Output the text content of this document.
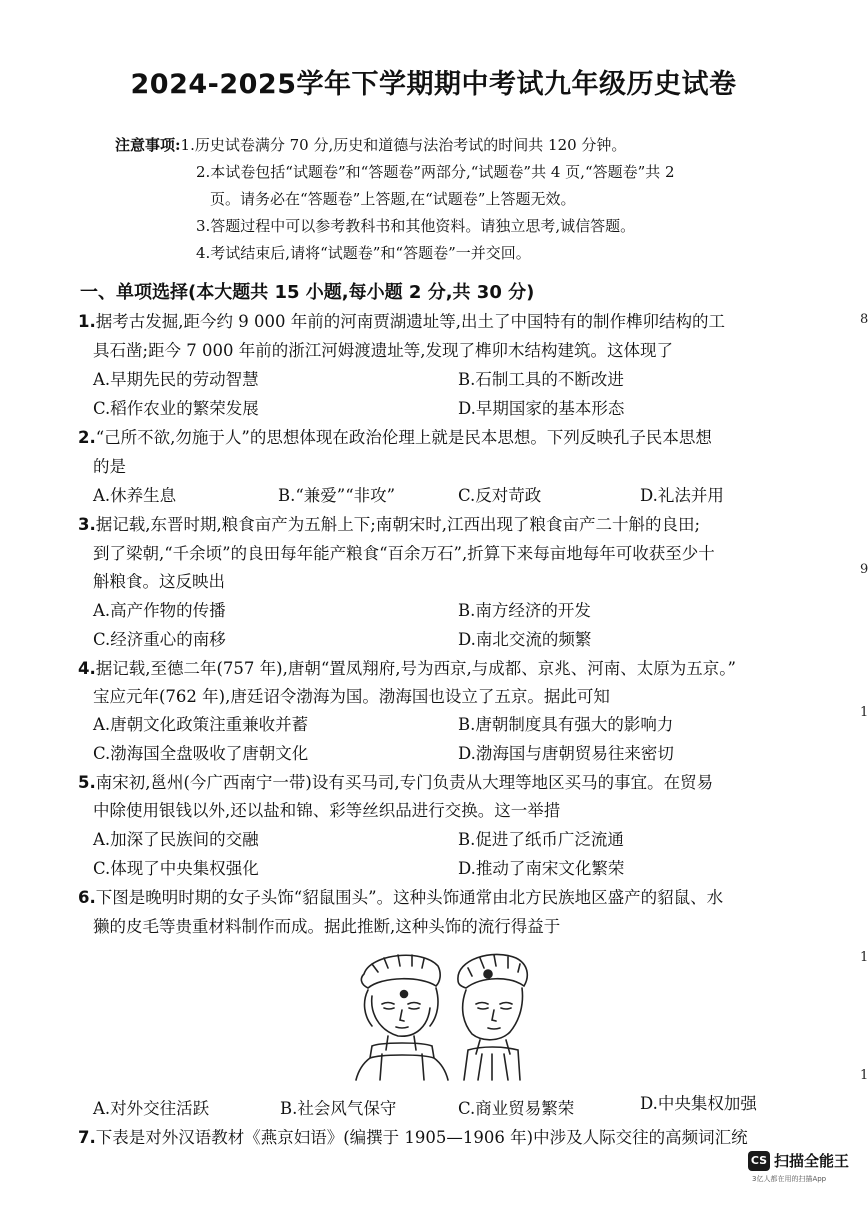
2024-2025学年下学期期中考试九年级历史试卷
注意事项:1.历史试卷满分 70 分,历史和道德与法治考试的时间共 120 分钟。
2.本试卷包括“试题卷”和“答题卷”两部分,“试题卷”共 4 页,“答题卷”共 2
页。请务必在“答题卷”上答题,在“试题卷”上答题无效。
3.答题过程中可以参考教科书和其他资料。请独立思考,诚信答题。
4.考试结束后,请将“试题卷”和“答题卷”一并交回。
一、单项选择(本大题共 15 小题,每小题 2 分,共 30 分)
1.据考古发掘,距今约 9 000 年前的河南贾湖遗址等,出土了中国特有的制作榫卯结构的工
具石凿;距今 7 000 年前的浙江河姆渡遗址等,发现了榫卯木结构建筑。这体现了
A.早期先民的劳动智慧	B.石制工具的不断改进
C.稻作农业的繁荣发展	D.早期国家的基本形态
2.“己所不欲,勿施于人”的思想体现在政治伦理上就是民本思想。下列反映孔子民本思想
的是
A.休养生息	B.“兼爱”“非攻”	C.反对苛政	D.礼法并用
3.据记载,东晋时期,粮食亩产为五斛上下;南朝宋时,江西出现了粮食亩产二十斛的良田;
到了梁朝,“千余顷”的良田每年能产粮食“百余万石”,折算下来每亩地每年可收获至少十
斛粮食。这反映出
A.高产作物的传播	B.南方经济的开发
C.经济重心的南移	D.南北交流的频繁
4.据记载,至德二年(757 年),唐朝“置凤翔府,号为西京,与成都、京兆、河南、太原为五京。”
宝应元年(762 年),唐廷诏令渤海为国。渤海国也设立了五京。据此可知
A.唐朝文化政策注重兼收并蓄	B.唐朝制度具有强大的影响力
C.渤海国全盘吸收了唐朝文化	D.渤海国与唐朝贸易往来密切
5.南宋初,邕州(今广西南宁一带)设有买马司,专门负责从大理等地区买马的事宜。在贸易
中除使用银钱以外,还以盐和锦、彩等丝织品进行交换。这一举措
A.加深了民族间的交融	B.促进了纸币广泛流通
C.体现了中央集权强化	D.推动了南宋文化繁荣
6.下图是晚明时期的女子头饰“貂鼠围头”。这种头饰通常由北方民族地区盛产的貂鼠、水
獭的皮毛等贵重材料制作而成。据此推断,这种头饰的流行得益于
A.对外交往活跃	B.社会风气保守	C.商业贸易繁荣	D.中央集权加强
7.下表是对外汉语教材《燕京妇语》(编撰于 1905—1906 年)中涉及人际交往的高频词汇统
8
9
1
1
1
CS 扫描全能王
3亿人都在用的扫描App
